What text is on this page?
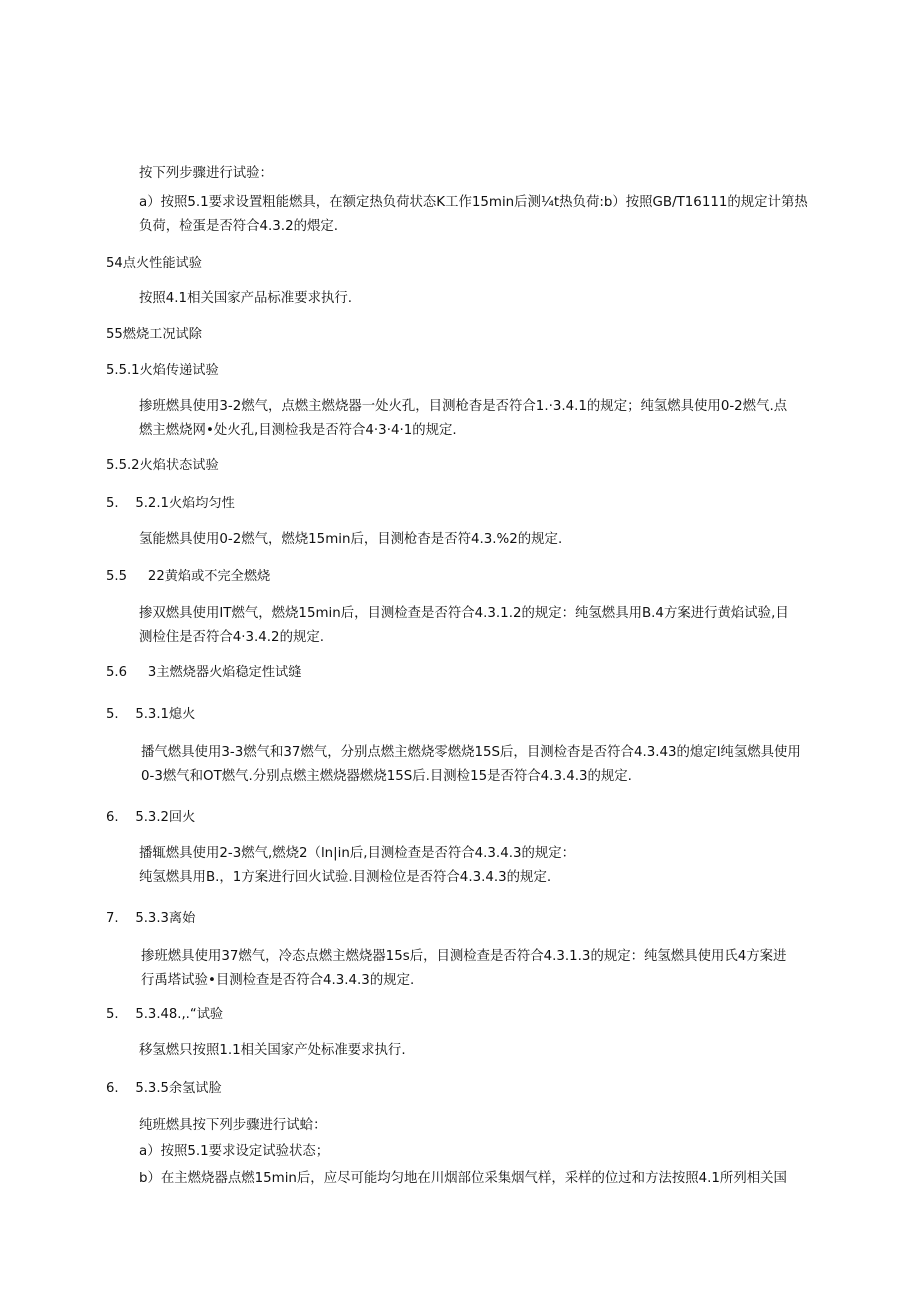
按下列步骤进行试验：

a）按照5.1要求设置粗能燃具，在额定热负荷状态K工作15min后测¼t热负荷:b）按照GB/T16111的规定计第热

负荷，检蛋是否符合4.3.2的煨定.

54点火性能试验

按照4.1相关国家产品标准要求执行.

55燃烧工况试除

5.5.1火焰传递试验

掺班燃具使用3-2燃气，点燃主燃烧器一处火孔，目测枪杳是否符合1.·3.4.1的规定；纯氢燃具使用0-2燃气.点

燃主燃烧网•处火孔,目测检我是否符合4·3·4·1的规定.

5.5.2火焰状态试验

5.    5.2.1火焰均匀性

氢能燃具使用0-2燃气，燃烧15min后，目测枪杳是否符4.3.%2的规定.

5.5     22黄焰或不完全燃烧

掺双燃具使用IT燃气，燃烧15min后，目测检查是否符合4.3.1.2的规定：纯氢燃具用B.4方案进行黄焰试验,目

测检住是否符合4·3.4.2的规定.

5.6     3主燃烧器火焰稳定性试缝

5.    5.3.1熄火

播气燃具使用3-3燃气和37燃气，分别点燃主燃烧零燃烧15S后，目测检杳是否符合4.3.43的熄定l纯氢燃具使用

0-3燃气和OT燃气.分别点燃主燃烧器燃烧15S后.目测检15是否符合4.3.4.3的规定.

6.    5.3.2回火

播辄燃具使用2-3燃气,燃烧2（ln|in后,目测检查是否符合4.3.4.3的规定：

纯氢燃具用B.，1方案进行回火试验.目测检位是否符合4.3.4.3的规定.

7.    5.3.3离始

掺班燃具使用37燃气，冷态点燃主燃烧器15s后，目测检查是否符合4.3.1.3的规定：纯氢燃具使用氏4方案进

行禹塔试验•目测检查是否符合4.3.4.3的规定.

5.    5.3.48.,.“试验

移氢燃只按照1.1相关国家产处标准要求执行.

6.    5.3.5余氢试脸

纯班燃具按下列步骤进行试蛤：

a）按照5.1要求设定试验状态；

b）在主燃烧器点燃15min后，应尽可能均匀地在川烟部位采集烟气样，采样的位过和方法按照4.1所列相关国
